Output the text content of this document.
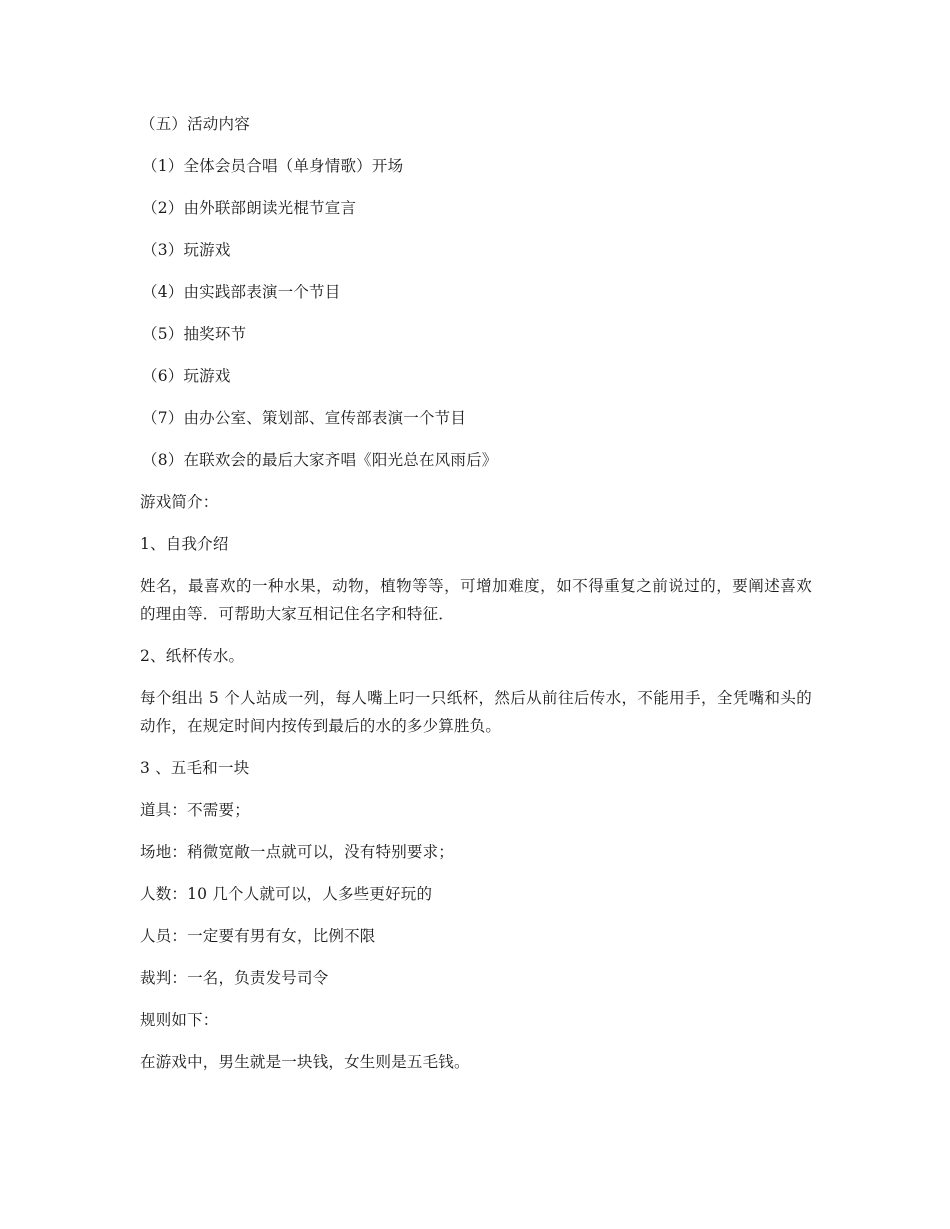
（五）活动内容

（1）全体会员合唱（单身情歌）开场

（2）由外联部朗读光棍节宣言

（3）玩游戏

（4）由实践部表演一个节目

（5）抽奖环节

（6）玩游戏

（7）由办公室、策划部、宣传部表演一个节目

（8）在联欢会的最后大家齐唱《阳光总在风雨后》

游戏简介：

1、自我介绍

姓名，最喜欢的一种水果，动物，植物等等，可增加难度，如不得重复之前说过的，要阐述喜欢的理由等．可帮助大家互相记住名字和特征．

2、纸杯传水。

每个组出 5 个人站成一列，每人嘴上叼一只纸杯，然后从前往后传水，不能用手，全凭嘴和头的动作，在规定时间内按传到最后的水的多少算胜负。

3 、五毛和一块

道具：不需要；

场地：稍微宽敞一点就可以，没有特别要求；

人数：10 几个人就可以，人多些更好玩的

人员：一定要有男有女，比例不限

裁判：一名，负责发号司令

规则如下：

在游戏中，男生就是一块钱，女生则是五毛钱。
